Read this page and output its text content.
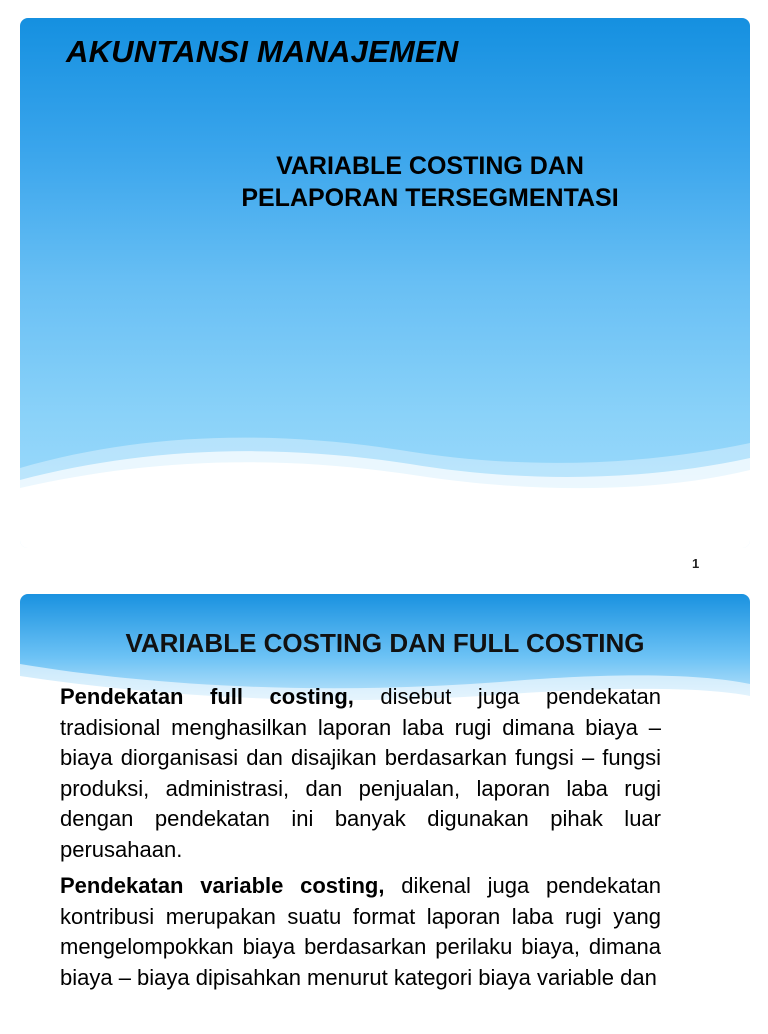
AKUNTANSI MANAJEMEN
VARIABLE COSTING DAN
PELAPORAN TERSEGMENTASI
1
VARIABLE COSTING DAN FULL COSTING

Pendekatan full costing, disebut juga pendekatan tradisional menghasilkan laporan laba rugi dimana biaya – biaya diorganisasi dan disajikan berdasarkan fungsi – fungsi produksi, administrasi, dan penjualan, laporan laba rugi dengan pendekatan ini banyak digunakan pihak luar perusahaan.

Pendekatan variable costing, dikenal juga pendekatan kontribusi merupakan suatu format laporan laba rugi yang mengelompokkan biaya berdasarkan perilaku biaya, dimana biaya – biaya dipisahkan menurut kategori biaya variable dan
